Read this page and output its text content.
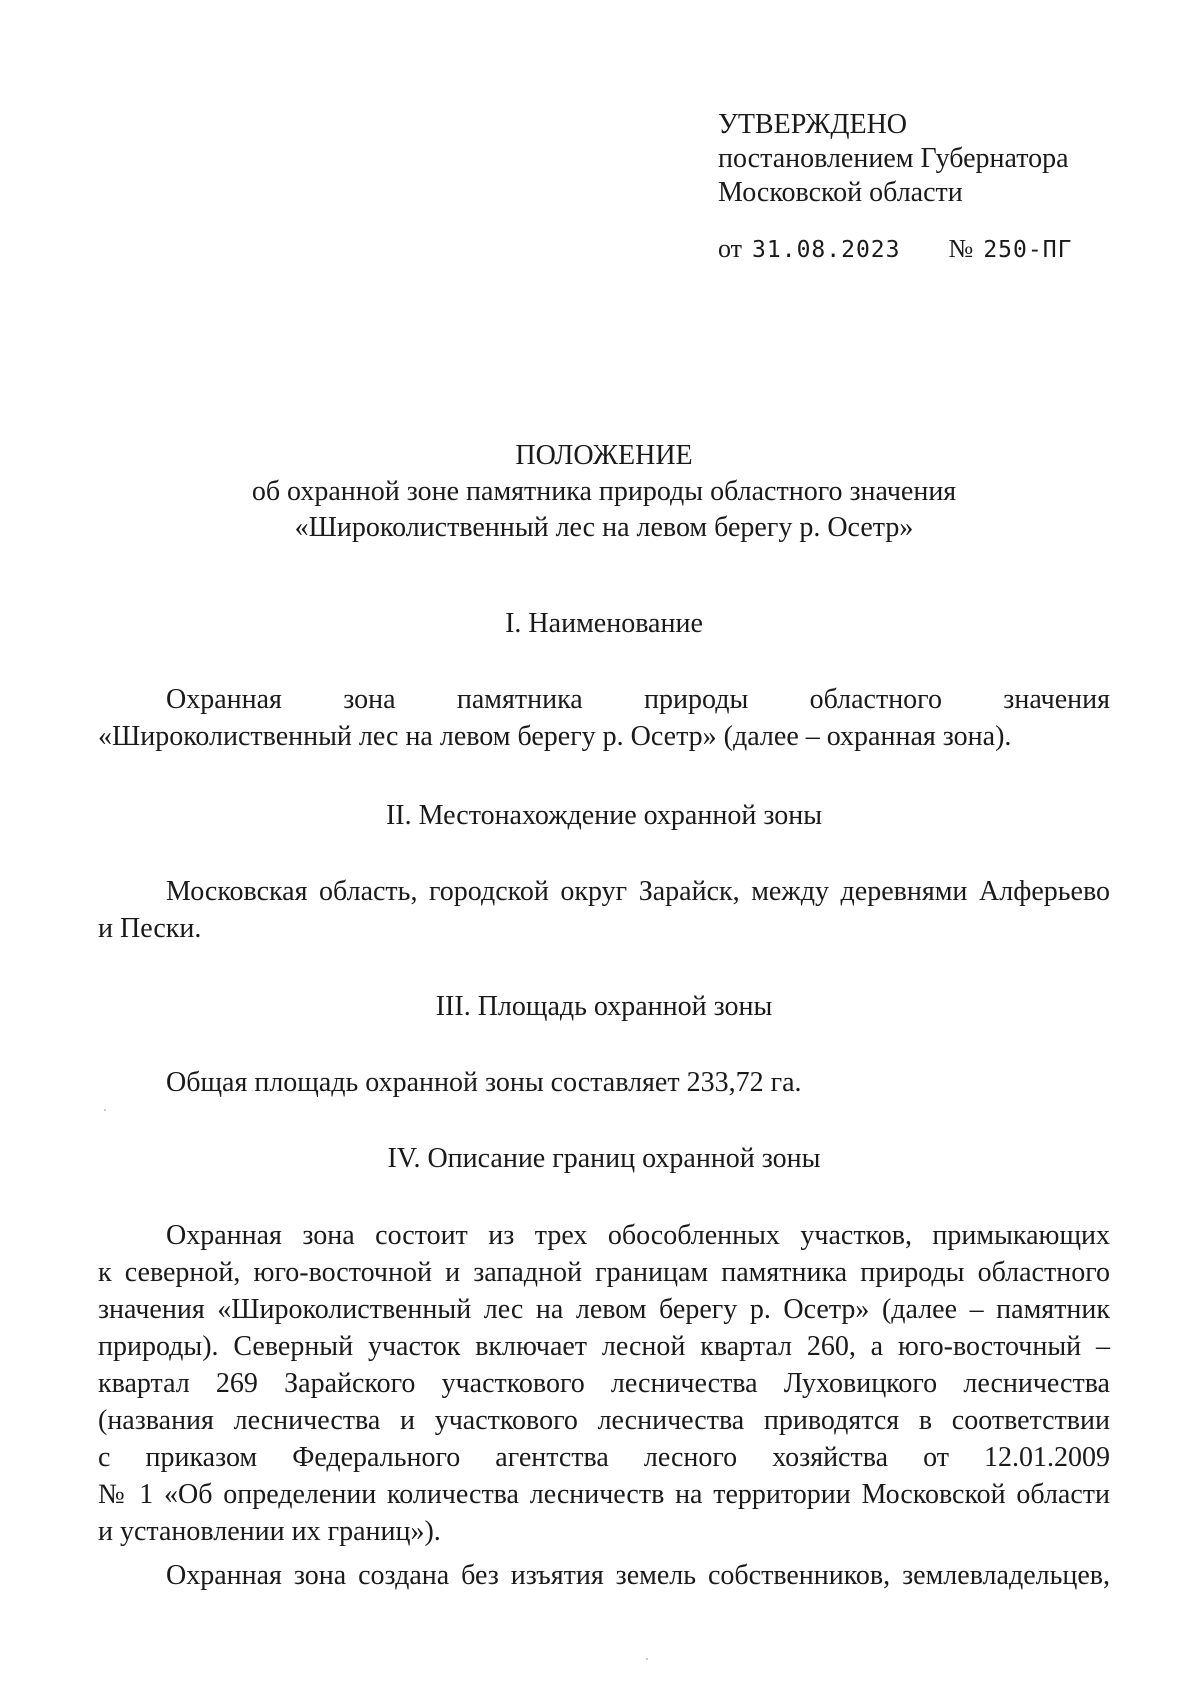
УТВЕРЖДЕНО
постановлением Губернатора
Московской области
от 31.08.2023 № 250-ПГ
ПОЛОЖЕНИЕ
об охранной зоне памятника природы областного значения
«Широколиственный лес на левом берегу р. Осетр»
I. Наименование
Охранная зона памятника природы областного значения
«Широколиственный лес на левом берегу р. Осетр» (далее – охранная зона).
II. Местонахождение охранной зоны
Московская область, городской округ Зарайск, между деревнями Алферьево
и Пески.
III. Площадь охранной зоны
Общая площадь охранной зоны составляет 233,72 га.
IV. Описание границ охранной зоны
Охранная зона состоит из трех обособленных участков, примыкающих
к северной, юго-восточной и западной границам памятника природы областного
значения «Широколиственный лес на левом берегу р. Осетр» (далее – памятник
природы). Северный участок включает лесной квартал 260, а юго-восточный –
квартал 269 Зарайского участкового лесничества Луховицкого лесничества
(названия лесничества и участкового лесничества приводятся в соответствии
с приказом Федерального агентства лесного хозяйства от 12.01.2009
№ 1 «Об определении количества лесничеств на территории Московской области
и установлении их границ»).
Охранная зона создана без изъятия земель собственников, землевладельцев,
